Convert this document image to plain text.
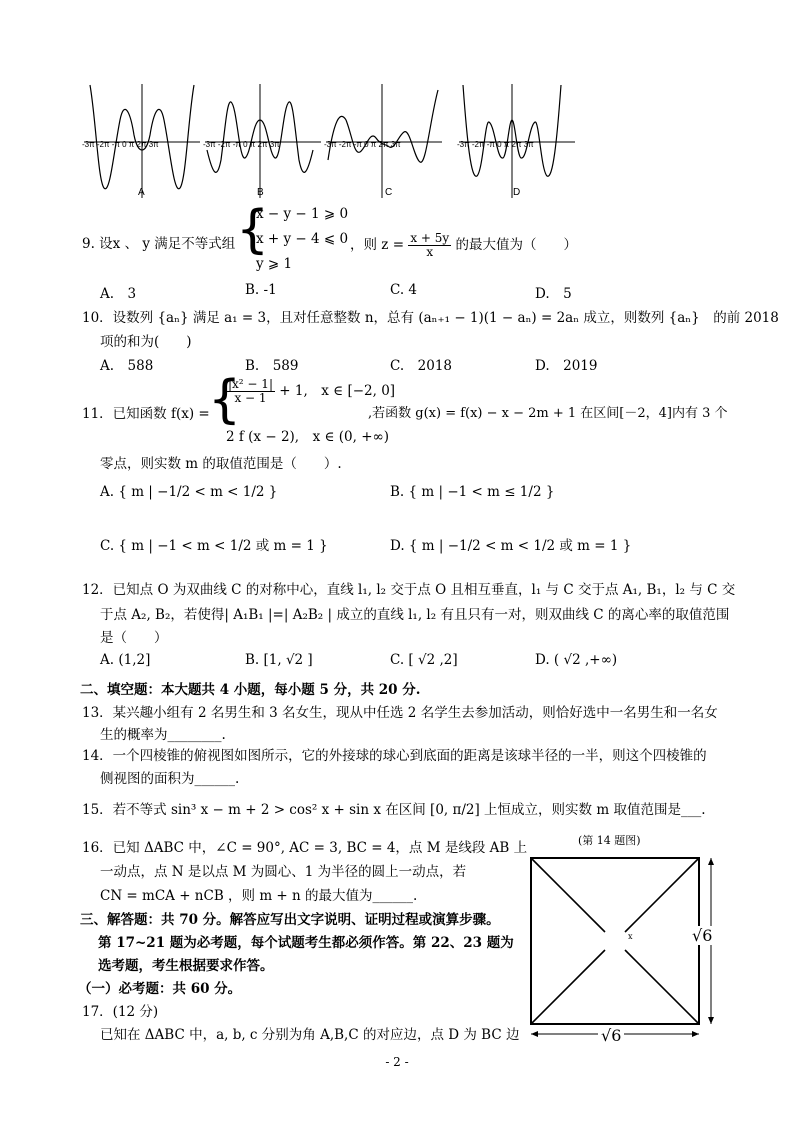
-3π -2π -π 0 π 2π 3π	-3π -2π -π 0 π 2π 3π	-3π -2π -π 0 π 2π 3π	-3π -2π -π 0 π 2π 3π
A	B	C	D
9. 设x 、 y 满足不等式组 {
x − y − 1 ⩾ 0
x + y − 4 ⩽ 0
y ⩾ 1
，则 $z = \frac{x + 5y}{x}$ 的最大值为（　　）
A.　3	B. -1	C. 4	D.　5
10．设数列 {aₙ} 满足 a₁ = 3，且对任意整数 n，总有 (aₙ₊₁ − 1)(1 − aₙ) = 2aₙ 成立，则数列 {aₙ}　的前 2018
项的和为(　　)
A.　588	B.　589	C.　2018	D.　2019
11．已知函数 f(x) =
{
$\frac{\text{|x² − 1|}}{x - 1} + 1$,　x ∈ [−2, 0]
2 f (x − 2),　x ∈ (0, +∞)
,若函数 g(x) = f(x) − x − 2m + 1 在区间[－2，4]内有 3 个
零点，则实数 m 的取值范围是（　　）.
A. { m | −1/2 < m < 1/2 }	B. { m | −1 < m ≤ 1/2 }
C. { m | −1 < m < 1/2 或 m = 1 }	D. { m | −1/2 < m < 1/2 或 m = 1 }
12．已知点 O 为双曲线 C 的对称中心，直线 l₁, l₂ 交于点 O 且相互垂直，l₁ 与 C 交于点 A₁, B₁，l₂ 与 C 交
于点 A₂, B₂，若使得| A₁B₁ |=| A₂B₂ | 成立的直线 l₁, l₂ 有且只有一对，则双曲线 C 的离心率的取值范围
是（　　）
A. (1,2]	B. [1, √2 ]	C. [ √2 ,2]	D. ( √2 ,+∞)
二、填空题：本大题共 4 小题，每小题 5 分，共 20 分.
13．某兴趣小组有 2 名男生和 3 名女生，现从中任选 2 名学生去参加活动，则恰好选中一名男生和一名女
生的概率为________.
14．一个四棱锥的俯视图如图所示，它的外接球的球心到底面的距离是该球半径的一半，则这个四棱锥的
侧视图的面积为______.
15．若不等式 sin³ x − m + 2 > cos² x + sin x 在区间 [0, π/2] 上恒成立，则实数 m 取值范围是___.
16．已知 ΔABC 中，∠C = 90°, AC = 3, BC = 4，点 M 是线段 AB 上
一动点，点 N 是以点 M 为圆心、1 为半径的圆上一动点，若
CN = mCA + nCB ，则 m + n 的最大值为______.
三、解答题：共 70 分。解答应写出文字说明、证明过程或演算步骤。
第 17~21 题为必考题，每个试题考生都必须作答。第 22、23 题为
选考题，考生根据要求作答。
（一）必考题：共 60 分。
17．(12 分)
已知在 ΔABC 中，a, b, c 分别为角 A,B,C 的对应边，点 D 为 BC 边
(第 14 题图)
√6
√6
x
- 2 -
